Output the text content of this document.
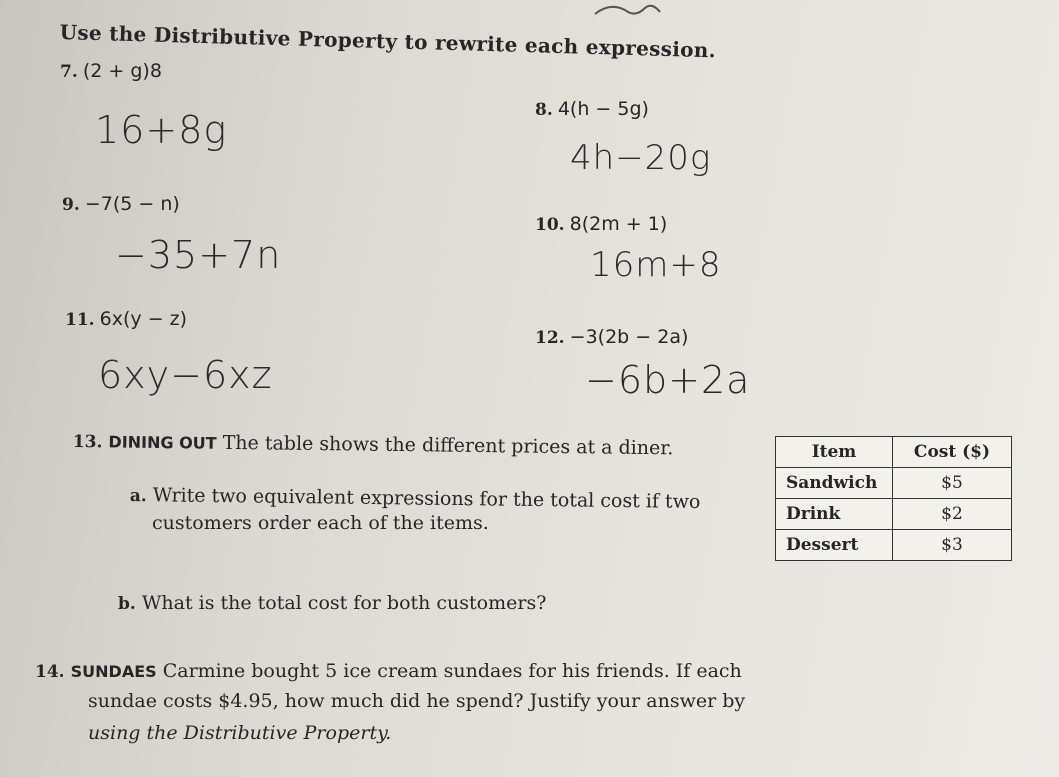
Use the Distributive Property to rewrite each expression.
7. (2 + g)8
16+8g	8. 4(h − 5g)
4h−20g
9. −7(5 − n)
−35+7n
10. 8(2m + 1)
16m+8
11. 6x(y − z)
6xy−6xz
12. −3(2b − 2a)
−6b+2a
13. DINING OUT The table shows the different prices at a diner.
a. Write two equivalent expressions for the total cost if two
customers order each of the items.
Item	Cost ($)
Sandwich	$5
Drink	$2
Dessert	$3
b. What is the total cost for both customers?
14. SUNDAES Carmine bought 5 ice cream sundaes for his friends. If each
sundae costs $4.95, how much did he spend? Justify your answer by
using the Distributive Property.
